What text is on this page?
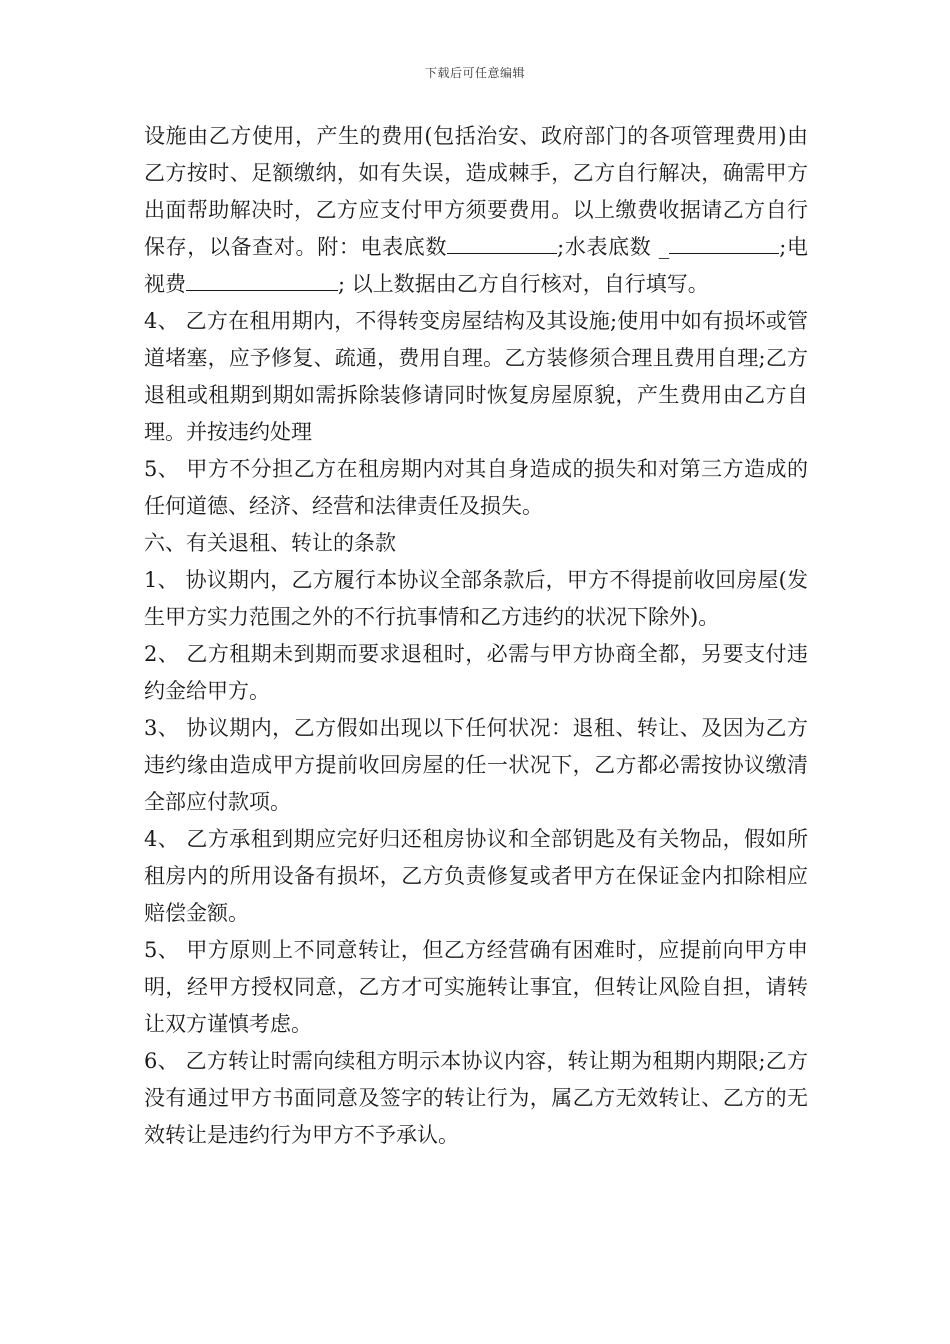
下载后可任意编辑

设施由乙方使用，产生的费用(包括治安、政府部门的各项管理费用)由乙方按时、足额缴纳，如有失误，造成棘手，乙方自行解决，确需甲方出面帮助解决时，乙方应支付甲方须要费用。以上缴费收据请乙方自行保存，以备查对。附：电表底数	;水表底数 _	;电视费	; 以上数据由乙方自行核对，自行填写。

4、 乙方在租用期内，不得转变房屋结构及其设施;使用中如有损坏或管道堵塞，应予修复、疏通，费用自理。乙方装修须合理且费用自理;乙方退租或租期到期如需拆除装修请同时恢复房屋原貌，产生费用由乙方自理。并按违约处理

5、 甲方不分担乙方在租房期内对其自身造成的损失和对第三方造成的任何道德、经济、经营和法律责任及损失。

六、有关退租、转让的条款

1、 协议期内，乙方履行本协议全部条款后，甲方不得提前收回房屋(发生甲方实力范围之外的不行抗事情和乙方违约的状况下除外)。

2、 乙方租期未到期而要求退租时，必需与甲方协商全都，另要支付违约金给甲方。

3、 协议期内，乙方假如出现以下任何状况：退租、转让、及因为乙方违约缘由造成甲方提前收回房屋的任一状况下，乙方都必需按协议缴清全部应付款项。

4、 乙方承租到期应完好归还租房协议和全部钥匙及有关物品，假如所租房内的所用设备有损坏，乙方负责修复或者甲方在保证金内扣除相应赔偿金额。

5、 甲方原则上不同意转让，但乙方经营确有困难时，应提前向甲方申明，经甲方授权同意，乙方才可实施转让事宜，但转让风险自担，请转让双方谨慎考虑。

6、 乙方转让时需向续租方明示本协议内容，转让期为租期内期限;乙方没有通过甲方书面同意及签字的转让行为，属乙方无效转让、乙方的无效转让是违约行为甲方不予承认。
